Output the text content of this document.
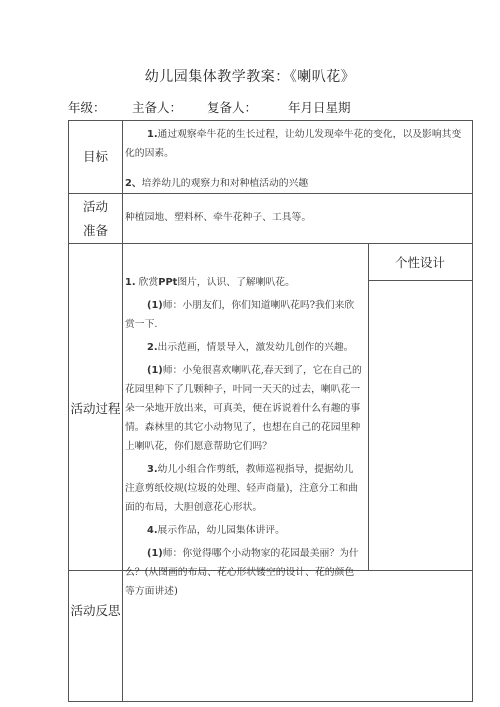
幼儿园集体教学教案：《喇叭花》
年级： 主备人： 复备人： 年月日星期
目标

1.通过观察牵牛花的生长过程，让幼儿发现牵牛花的变化，以及影响其变化的因素。

2、培养幼儿的观察力和对种植活动的兴趣

活动
准备
种植园地、塑料杯、牵牛花种子、工具等。
活动过程
个性设计

1. 欣赏PPt图片，认识、了解喇叭花。

(1)师：小朋友们，你们知道喇叭花吗?我们来欣赏一下.

2.出示范画，情景导入，激发幼儿创作的兴趣。

(1)师：小兔很喜欢喇叭花,春天到了，它在自己的花园里种下了几颗种子，叶同一天天的过去，喇叭花一朵一朵地开放出来，可真美，便在诉说着什么有趣的事情。森林里的其它小动物见了，也想在自己的花园里种上喇叭花，你们愿意帮助它们吗？

3.幼儿小组合作剪纸，教师巡视指导，提据幼儿注意剪纸佼规(垃圾的处理、轻声商量)，注意分工和曲面的布局，大胆创意花心形状。

4.展示作品，幼儿园集体讲评。

(1)师：你觉得哪个小动物家的花园最美丽？为什么？(从图画的布局、花心形状镂空的设计、花的颜色等方面讲述)

活动反思
